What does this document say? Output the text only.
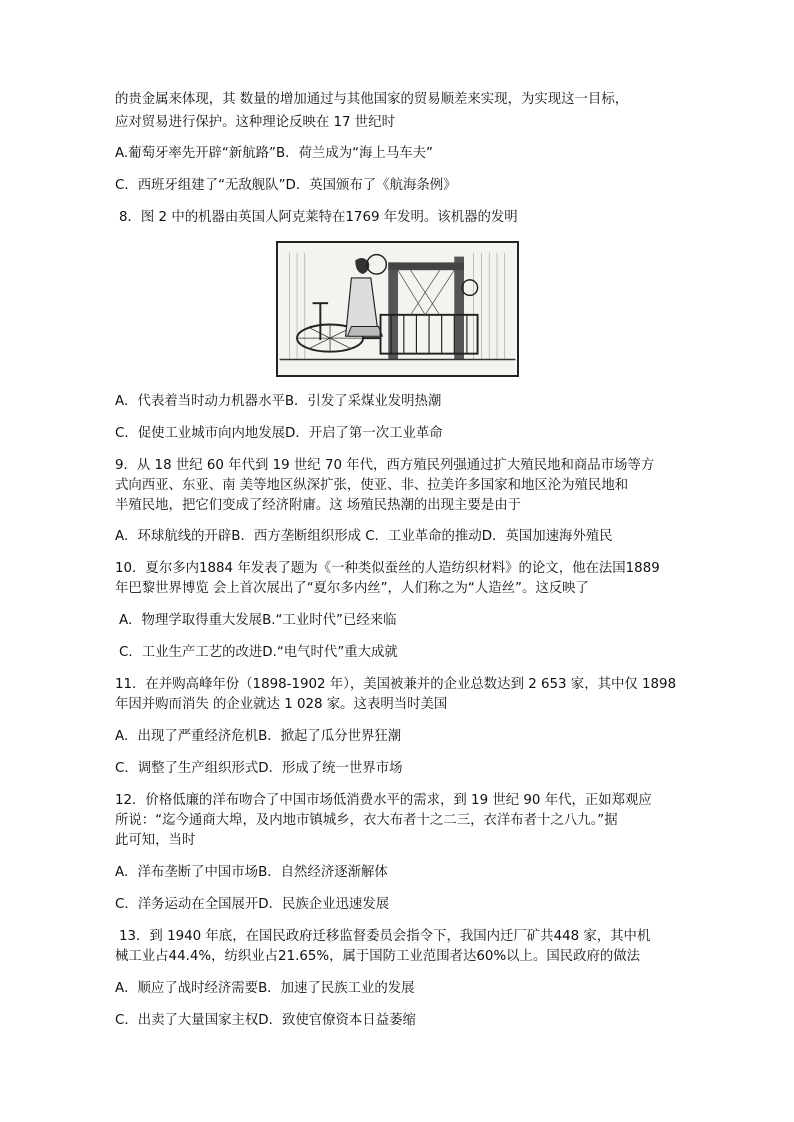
的贵金属来体现，其 数量的增加通过与其他国家的贸易顺差来实现，为实现这一目标，
应对贸易进行保护。这种理论反映在 17 世纪时
A.葡萄牙率先开辟“新航路”B．荷兰成为“海上马车夫”
C．西班牙组建了“无敌舰队”D．英国颁布了《航海条例》
8．图 2 中的机器由英国人阿克莱特在1769 年发明。该机器的发明
A．代表着当时动力机器水平B．引发了采煤业发明热潮
C．促使工业城市向内地发展D．开启了第一次工业革命
9．从 18 世纪 60 年代到 19 世纪 70 年代，西方殖民列强通过扩大殖民地和商品市场等方
式向西亚、东亚、南 美等地区纵深扩张，使亚、非、拉美许多国家和地区沦为殖民地和
半殖民地，把它们变成了经济附庸。这 场殖民热潮的出现主要是由于
A．环球航线的开辟B．西方垄断组织形成 C．工业革命的推动D．英国加速海外殖民
10．夏尔多内1884 年发表了题为《一种类似蚕丝的人造纺织材料》的论文，他在法国1889
年巴黎世界博览 会上首次展出了“夏尔多内丝”，人们称之为“人造丝”。这反映了
A．物理学取得重大发展B.“工业时代”已经来临
C．工业生产工艺的改进D.“电气时代”重大成就
11．在并购高峰年份（1898-1902 年），美国被兼并的企业总数达到 2 653 家，其中仅 1898
年因并购而消失 的企业就达 1 028 家。这表明当时美国
A．出现了严重经济危机B．掀起了瓜分世界狂潮
C．调整了生产组织形式D．形成了统一世界市场
12．价格低廉的洋布吻合了中国市场低消费水平的需求，到 19 世纪 90 年代，正如郑观应
所说：“迄今通商大埠，及内地市镇城乡，衣大布者十之二三，衣洋布者十之八九。”据
此可知，当时
A．洋布垄断了中国市场B．自然经济逐渐解体
C．洋务运动在全国展开D．民族企业迅速发展
13．到 1940 年底，在国民政府迁移监督委员会指令下，我国内迁厂矿共448 家，其中机
械工业占44.4%，纺织业占21.65%，属于国防工业范围者达60%以上。国民政府的做法
A．顺应了战时经济需要B．加速了民族工业的发展
C．出卖了大量国家主权D．致使官僚资本日益萎缩
